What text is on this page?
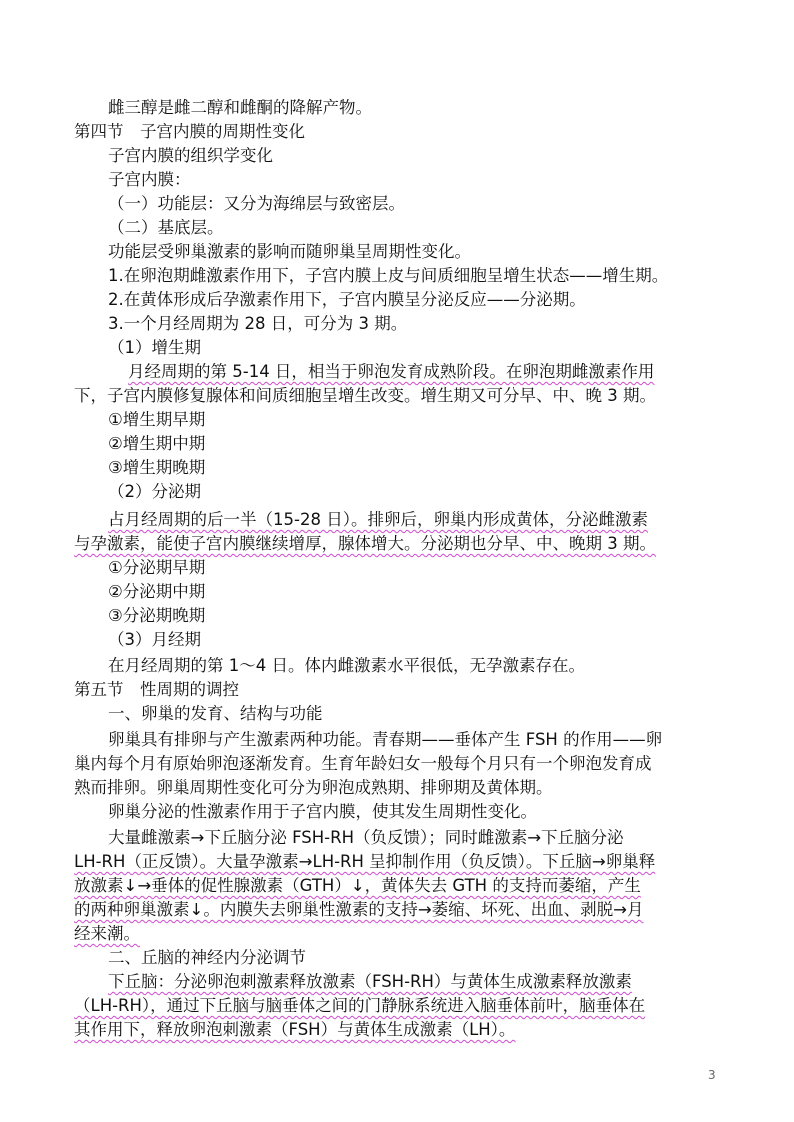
雌三醇是雌二醇和雌酮的降解产物。
第四节　子宫内膜的周期性变化
子宫内膜的组织学变化
子宫内膜：
（一）功能层：又分为海绵层与致密层。
（二）基底层。
功能层受卵巢激素的影响而随卵巢呈周期性变化。
1.在卵泡期雌激素作用下，子宫内膜上皮与间质细胞呈增生状态——增生期。
2.在黄体形成后孕激素作用下，子宫内膜呈分泌反应——分泌期。
3.一个月经周期为 28 日，可分为 3 期。
（1）增生期
月经周期的第 5-14 日，相当于卵泡发育成熟阶段。在卵泡期雌激素作用
下，子宫内膜修复腺体和间质细胞呈增生改变。增生期又可分早、中、晚 3 期。
①增生期早期
②增生期中期
③增生期晚期
（2）分泌期
占月经周期的后一半（15-28 日）。排卵后，卵巢内形成黄体，分泌雌激素
与孕激素，能使子宫内膜继续增厚，腺体增大。分泌期也分早、中、晚期 3 期。
①分泌期早期
②分泌期中期
③分泌期晚期
（3）月经期
在月经周期的第 1～4 日。体内雌激素水平很低，无孕激素存在。
第五节　性周期的调控
一、卵巢的发育、结构与功能
卵巢具有排卵与产生激素两种功能。青春期——垂体产生 FSH 的作用——卵
巢内每个月有原始卵泡逐渐发育。生育年龄妇女一般每个月只有一个卵泡发育成
熟而排卵。卵巢周期性变化可分为卵泡成熟期、排卵期及黄体期。
卵巢分泌的性激素作用于子宫内膜，使其发生周期性变化。
大量雌激素→下丘脑分泌 FSH-RH（负反馈）；同时雌激素→下丘脑分泌
LH-RH（正反馈）。大量孕激素→LH-RH 呈抑制作用（负反馈）。下丘脑→卵巢释
放激素↓→垂体的促性腺激素（GTH）↓，黄体失去 GTH 的支持而萎缩，产生
的两种卵巢激素↓。内膜失去卵巢性激素的支持→萎缩、坏死、出血、剥脱→月
经来潮。
二、丘脑的神经内分泌调节
下丘脑：分泌卵泡刺激素释放激素（FSH-RH）与黄体生成激素释放激素
（LH-RH），通过下丘脑与脑垂体之间的门静脉系统进入脑垂体前叶，脑垂体在
其作用下，释放卵泡刺激素（FSH）与黄体生成激素（LH）。
3
